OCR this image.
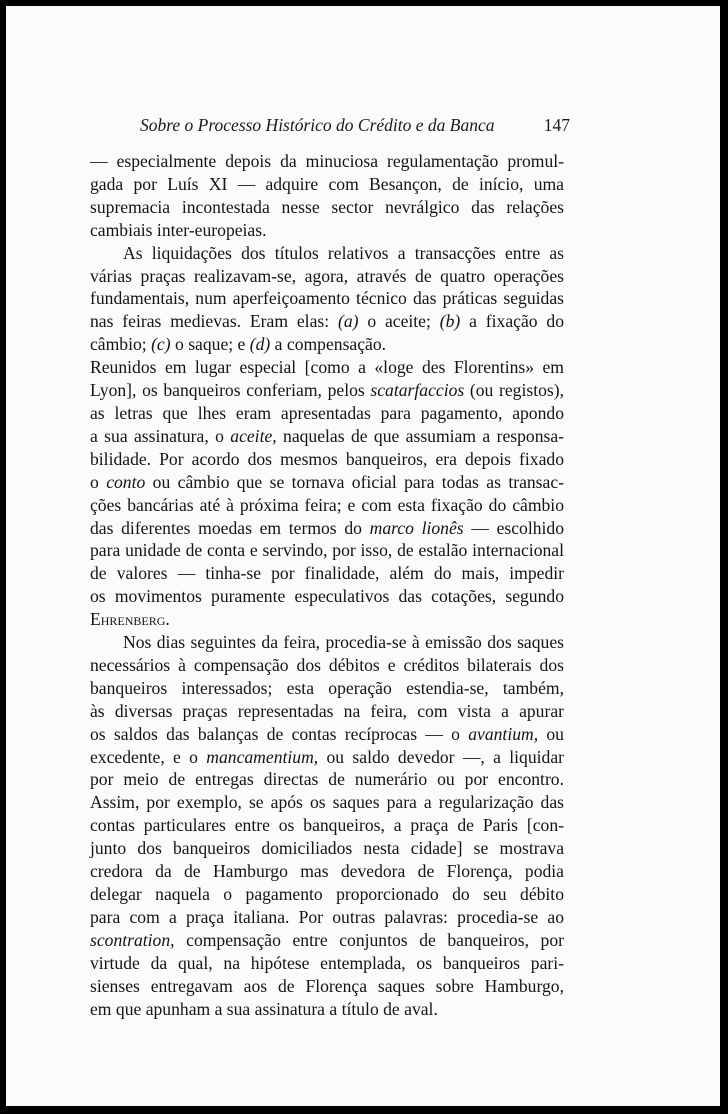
Sobre o Processo Histórico do Crédito e da Banca	147

— especialmente depois da minuciosa regulamentação promul-
gada por Luís XI — adquire com Besançon, de início, uma
supremacia incontestada nesse sector nevrálgico das relações
cambiais inter-europeias.

As liquidações dos títulos relativos a transacções entre as
várias praças realizavam-se, agora, através de quatro operações
fundamentais, num aperfeiçoamento técnico das práticas seguidas
nas feiras medievas. Eram elas: (a) o aceite; (b) a fixação do
câmbio; (c) o saque; e (d) a compensação.

Reunidos em lugar especial [como a «loge des Florentins» em
Lyon], os banqueiros conferiam, pelos scatarfaccios (ou registos),
as letras que lhes eram apresentadas para pagamento, apondo
a sua assinatura, o aceite, naquelas de que assumiam a responsa-
bilidade. Por acordo dos mesmos banqueiros, era depois fixado
o conto ou câmbio que se tornava oficial para todas as transac-
ções bancárias até à próxima feira; e com esta fixação do câmbio
das diferentes moedas em termos do marco lionês — escolhido
para unidade de conta e servindo, por isso, de estalão internacional
de valores — tinha-se por finalidade, além do mais, impedir
os movimentos puramente especulativos das cotações, segundo
Ehrenberg.

Nos dias seguintes da feira, procedia-se à emissão dos saques
necessários à compensação dos débitos e créditos bilaterais dos
banqueiros interessados; esta operação estendia-se, também,
às diversas praças representadas na feira, com vista a apurar
os saldos das balanças de contas recíprocas — o avantium, ou
excedente, e o mancamentium, ou saldo devedor —, a liquidar
por meio de entregas directas de numerário ou por encontro.
Assim, por exemplo, se após os saques para a regularização das
contas particulares entre os banqueiros, a praça de Paris [con-
junto dos banqueiros domiciliados nesta cidade] se mostrava
credora da de Hamburgo mas devedora de Florença, podia
delegar naquela o pagamento proporcionado do seu débito
para com a praça italiana. Por outras palavras: procedia-se ao
scontration, compensação entre conjuntos de banqueiros, por
virtude da qual, na hipótese entemplada, os banqueiros pari-
sienses entregavam aos de Florença saques sobre Hamburgo,
em que apunham a sua assinatura a título de aval.
